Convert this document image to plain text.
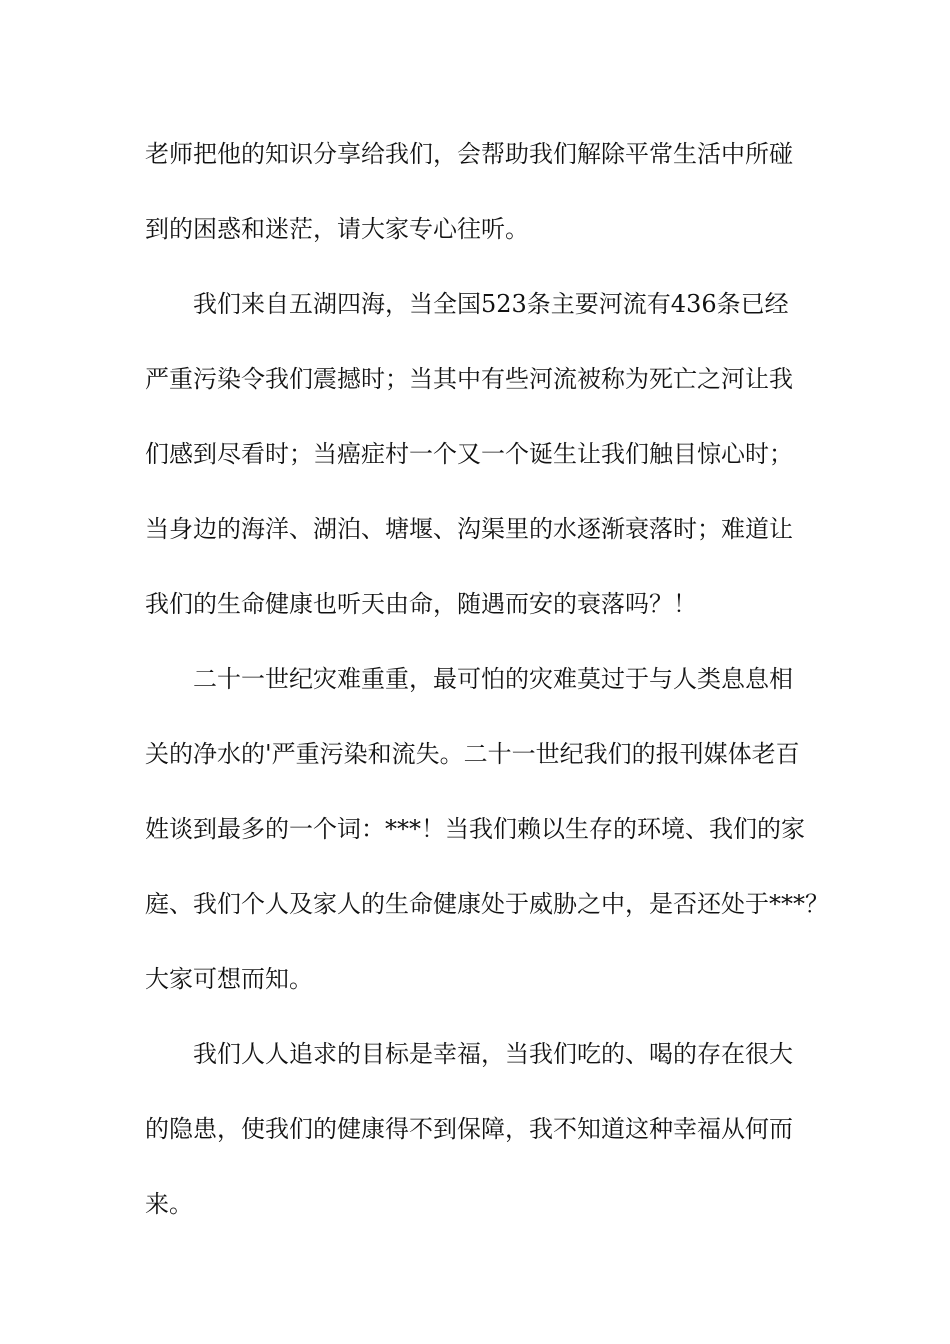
老师把他的知识分享给我们，会帮助我们解除平常生活中所碰
到的困惑和迷茫，请大家专心往听。
我们来自五湖四海，当全国523条主要河流有436条已经
严重污染令我们震撼时；当其中有些河流被称为死亡之河让我
们感到尽看时；当癌症村一个又一个诞生让我们触目惊心时；
当身边的海洋、湖泊、塘堰、沟渠里的水逐渐衰落时；难道让
我们的生命健康也听天由命，随遇而安的衰落吗？！
二十一世纪灾难重重，最可怕的灾难莫过于与人类息息相
关的净水的'严重污染和流失。二十一世纪我们的报刊媒体老百
姓谈到最多的一个词：***！当我们赖以生存的环境、我们的家
庭、我们个人及家人的生命健康处于威胁之中，是否还处于***？
大家可想而知。
我们人人追求的目标是幸福，当我们吃的、喝的存在很大
的隐患，使我们的健康得不到保障，我不知道这种幸福从何而
来。
